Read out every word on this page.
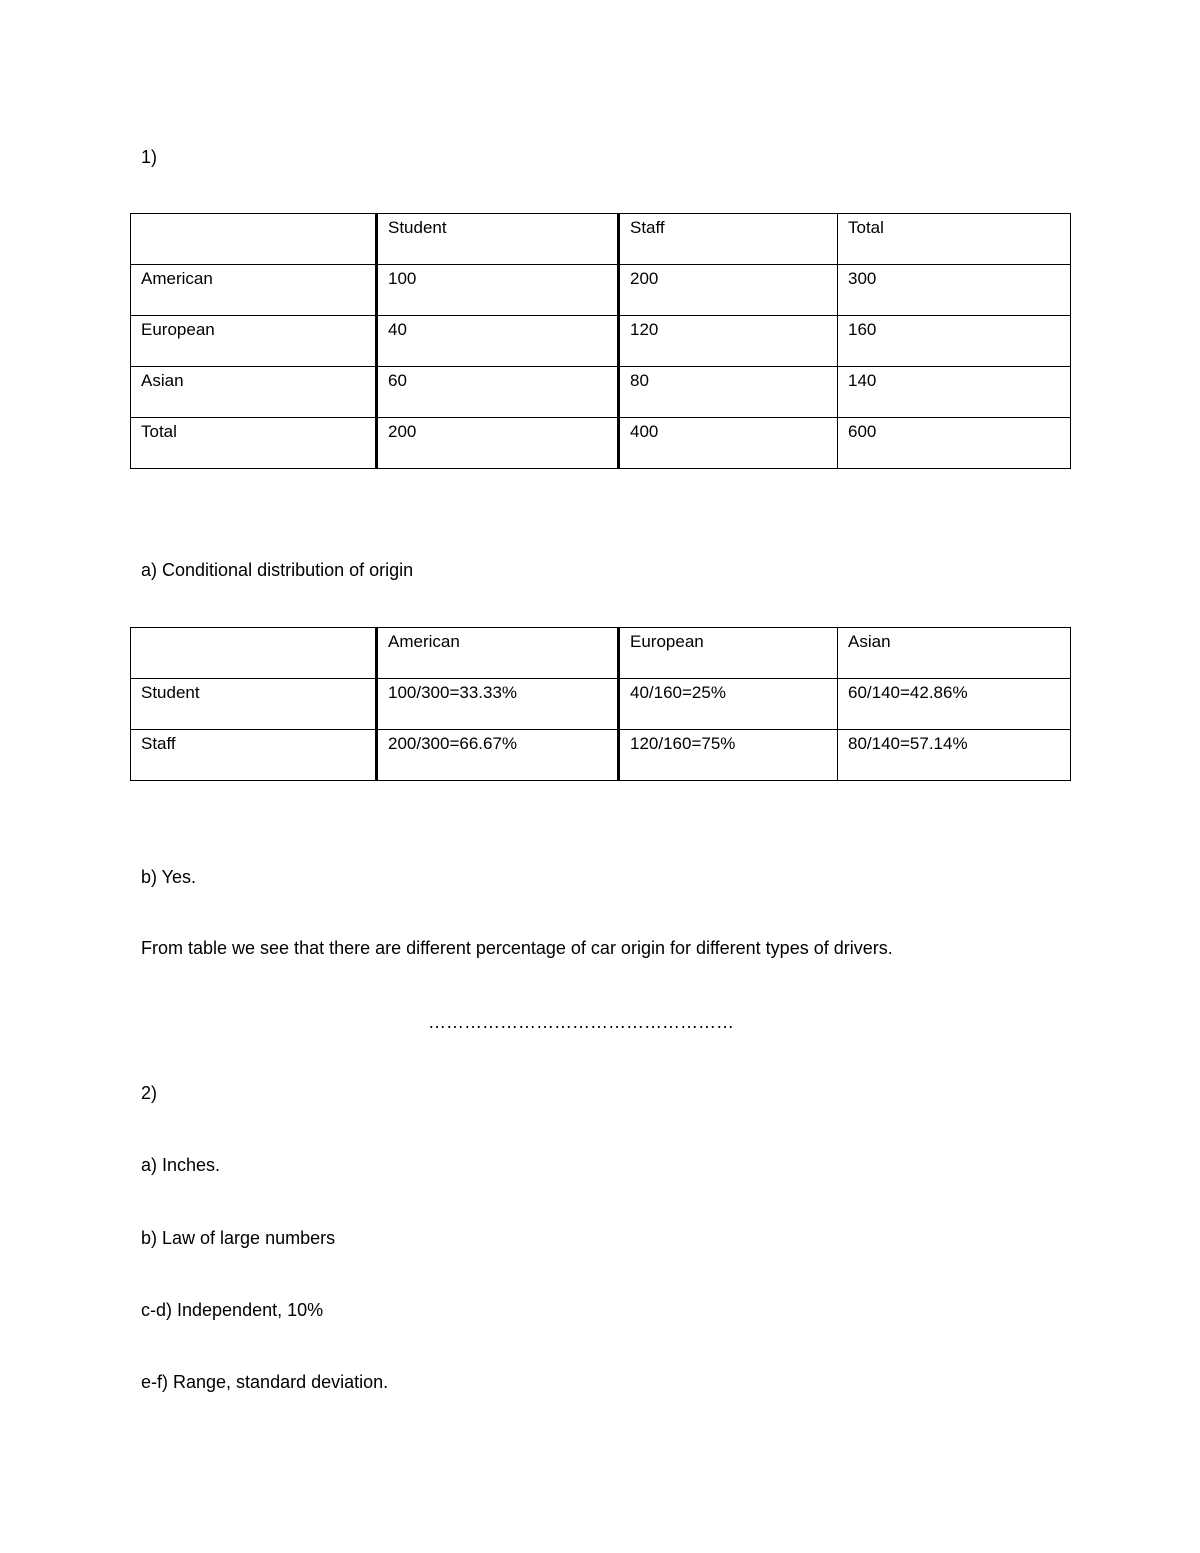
1)
	Student	Staff	Total
American	100	200	300
European	40	120	160
Asian	60	80	140
Total	200	400	600
a) Conditional distribution of origin
	American	European	Asian
Student	100/300=33.33%	40/160=25%	60/140=42.86%
Staff	200/300=66.67%	120/160=75%	80/140=57.14%
b) Yes.
From table we see that there are different percentage of car origin for different types of drivers.
……………………………………………
2)
a) Inches.
b) Law of large numbers
c-d) Independent, 10%
e-f) Range, standard deviation.
